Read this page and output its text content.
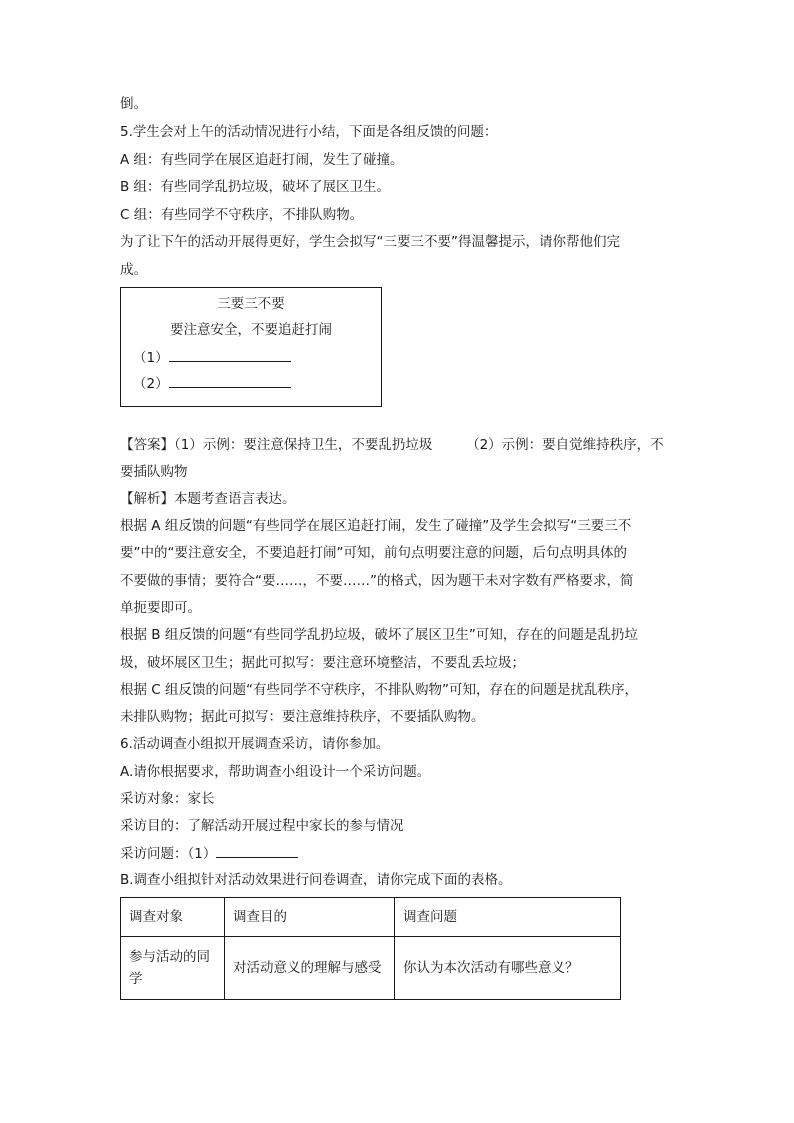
倒。
5.学生会对上午的活动情况进行小结，下面是各组反馈的问题：
A 组：有些同学在展区追赶打闹，发生了碰撞。
B 组：有些同学乱扔垃圾，破坏了展区卫生。
C 组：有些同学不守秩序，不排队购物。
为了让下午的活动开展得更好，学生会拟写“三要三不要”得温馨提示，请你帮他们完
成。
三要三不要
要注意安全，不要追赶打闹
（1）
（2）
【答案】（1）示例：要注意保持卫生，不要乱扔垃圾　　　（2）示例：要自觉维持秩序，不
要插队购物
【解析】本题考查语言表达。
根据 A 组反馈的问题“有些同学在展区追赶打闹，发生了碰撞”及学生会拟写“三要三不
要”中的“要注意安全，不要追赶打闹”可知，前句点明要注意的问题，后句点明具体的
不要做的事情；要符合“要……，不要……”的格式，因为题干未对字数有严格要求，简
单扼要即可。
根据 B 组反馈的问题“有些同学乱扔垃圾，破坏了展区卫生”可知，存在的问题是乱扔垃
圾，破坏展区卫生；据此可拟写：要注意环境整洁，不要乱丢垃圾；
根据 C 组反馈的问题“有些同学不守秩序，不排队购物”可知，存在的问题是扰乱秩序，
未排队购物；据此可拟写：要注意维持秩序，不要插队购物。
6.活动调查小组拟开展调查采访，请你参加。
A.请你根据要求，帮助调查小组设计一个采访问题。
采访对象：家长
采访目的：了解活动开展过程中家长的参与情况
采访问题：（1）
B.调查小组拟针对活动效果进行问卷调查，请你完成下面的表格。
调查对象	调查目的	调查问题
参与活动的同学	对活动意义的理解与感受	你认为本次活动有哪些意义？
